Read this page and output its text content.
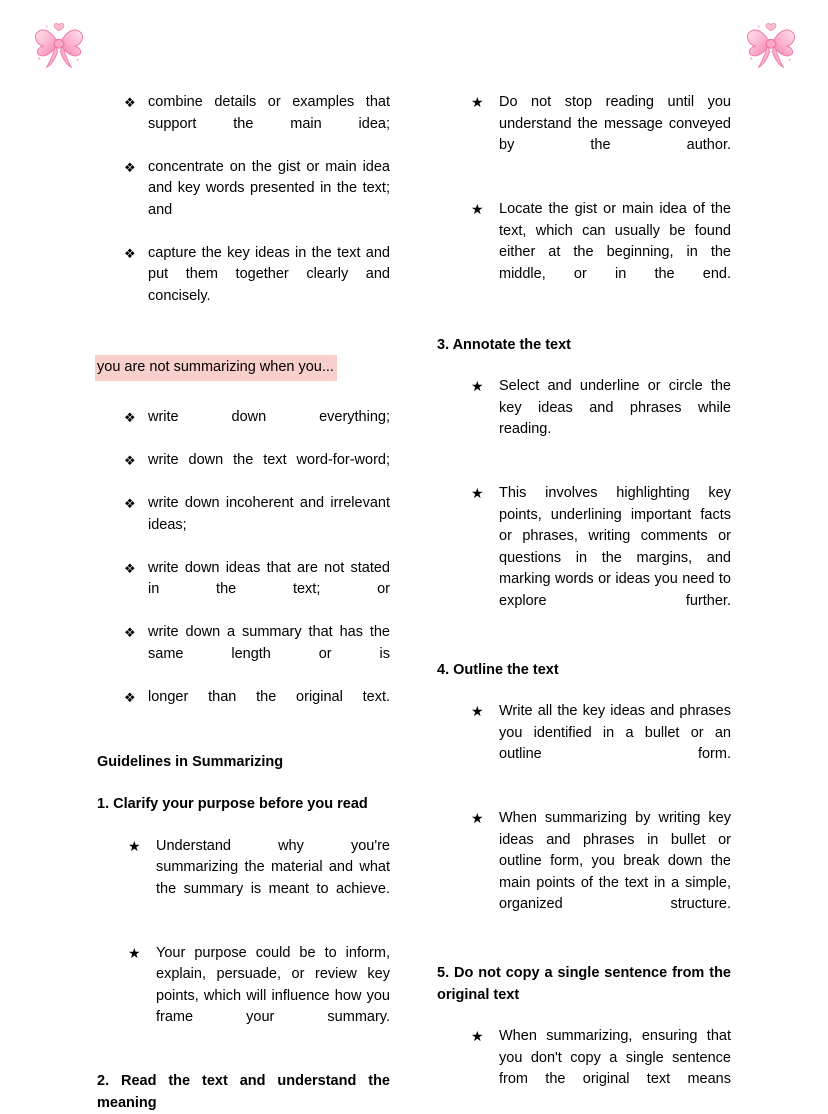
❖ combine details or examples that support the main idea;
❖ concentrate on the gist or main idea and key words presented in the text; and
❖ capture the key ideas in the text and put them together clearly and concisely.
you are not summarizing when you...
❖ write down everything;
❖ write down the text word-for-word;
❖ write down incoherent and irrelevant ideas;
❖ write down ideas that are not stated in the text; or
❖ write down a summary that has the same length or is
❖ longer than the original text.

Guidelines in Summarizing

1. Clarify your purpose before you read

★ Understand why you're summarizing the material and what the summary is meant to achieve.
★ Your purpose could be to inform, explain, persuade, or review key points, which will influence how you frame your summary.

2. Read the text and understand the meaning

★ Do not stop reading until you understand the message conveyed by the author.
★ Locate the gist or main idea of the text, which can usually be found either at the beginning, in the middle, or in the end.

3. Annotate the text

★ Select and underline or circle the key ideas and phrases while reading.
★ This involves highlighting key points, underlining important facts or phrases, writing comments or questions in the margins, and marking words or ideas you need to explore further.

4. Outline the text

★ Write all the key ideas and phrases you identified in a bullet or an outline form.
★ When summarizing by writing key ideas and phrases in bullet or outline form, you break down the main points of the text in a simple, organized structure.

5. Do not copy a single sentence from the original text

★ When summarizing, ensuring that you don't copy a single sentence from the original text means
